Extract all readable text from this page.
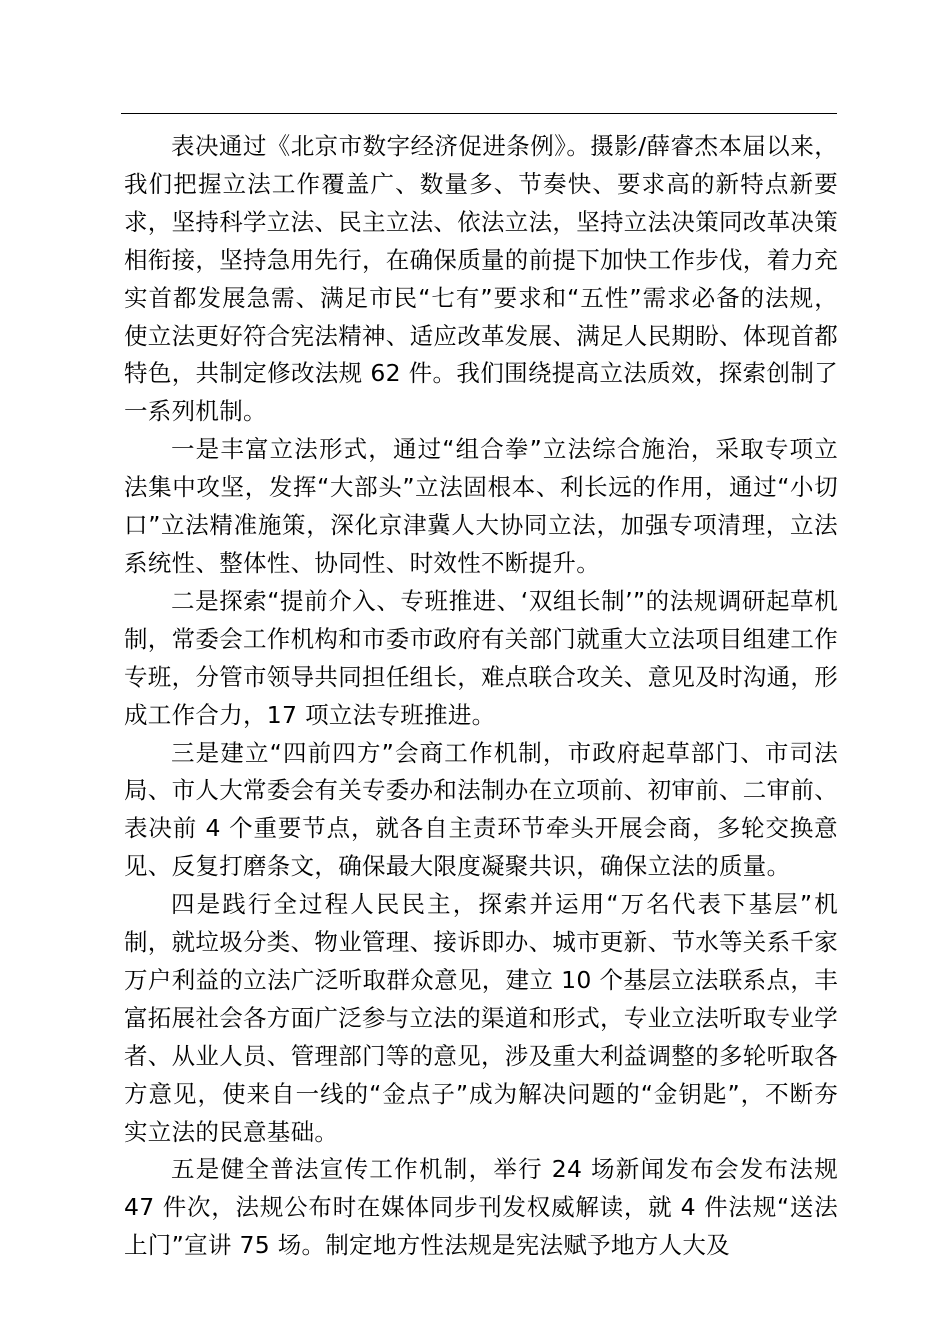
表决通过《北京市数字经济促进条例》。摄影/薛睿杰本届以来，我们把握立法工作覆盖广、数量多、节奏快、要求高的新特点新要求，坚持科学立法、民主立法、依法立法，坚持立法决策同改革决策相衔接，坚持急用先行，在确保质量的前提下加快工作步伐，着力充实首都发展急需、满足市民“七有”要求和“五性”需求必备的法规，使立法更好符合宪法精神、适应改革发展、满足人民期盼、体现首都特色，共制定修改法规 62 件。我们围绕提高立法质效，探索创制了一系列机制。

一是丰富立法形式，通过“组合拳”立法综合施治，采取专项立法集中攻坚，发挥“大部头”立法固根本、利长远的作用，通过“小切口”立法精准施策，深化京津冀人大协同立法，加强专项清理，立法系统性、整体性、协同性、时效性不断提升。

二是探索“提前介入、专班推进、‘双组长制’”的法规调研起草机制，常委会工作机构和市委市政府有关部门就重大立法项目组建工作专班，分管市领导共同担任组长，难点联合攻关、意见及时沟通，形成工作合力，17 项立法专班推进。

三是建立“四前四方”会商工作机制，市政府起草部门、市司法局、市人大常委会有关专委办和法制办在立项前、初审前、二审前、表决前 4 个重要节点，就各自主责环节牵头开展会商，多轮交换意见、反复打磨条文，确保最大限度凝聚共识，确保立法的质量。

四是践行全过程人民民主，探索并运用“万名代表下基层”机制，就垃圾分类、物业管理、接诉即办、城市更新、节水等关系千家万户利益的立法广泛听取群众意见，建立 10 个基层立法联系点，丰富拓展社会各方面广泛参与立法的渠道和形式，专业立法听取专业学者、从业人员、管理部门等的意见，涉及重大利益调整的多轮听取各方意见，使来自一线的“金点子”成为解决问题的“金钥匙”，不断夯实立法的民意基础。

五是健全普法宣传工作机制，举行 24 场新闻发布会发布法规 47 件次，法规公布时在媒体同步刊发权威解读，就 4 件法规“送法上门”宣讲 75 场。制定地方性法规是宪法赋予地方人大及
